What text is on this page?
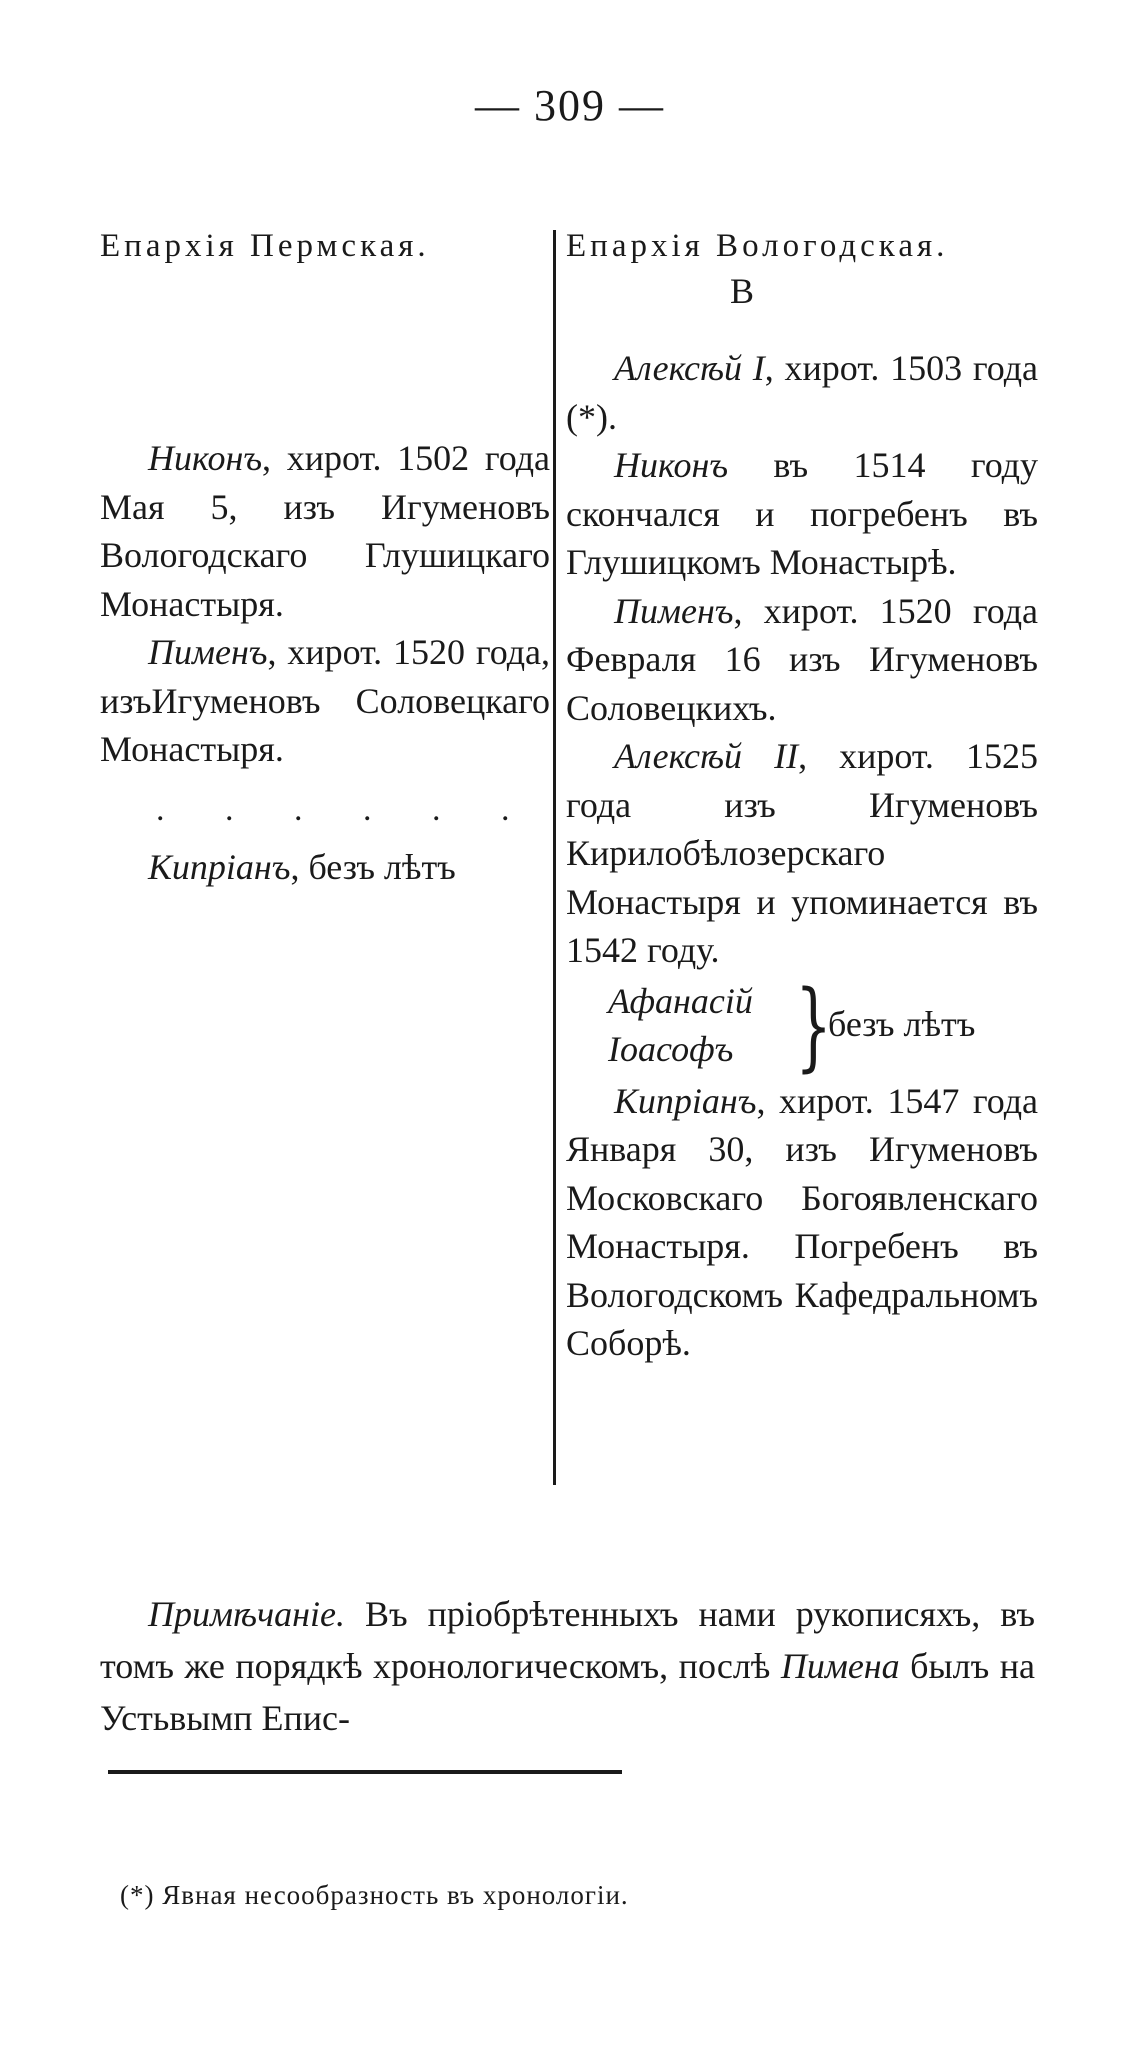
— 309 —
Епархія Пермская.

Никонъ, хирот. 1502 года Мая 5, изъ Игуменовъ Вологодскаго Глушицкаго Монастыря.

Пименъ, хирот. 1520 года, изъИгуменовъ Соловецкаго Монастыря.

. . . . . .

Кипріанъ, безъ лѣтъ

Епархія Вологодская.
В

Алексѣй I, хирот. 1503 года (*).

Никонъ въ 1514 году скончался и погребенъ въ Глушицкомъ Монастырѣ.

Пименъ, хирот. 1520 года Февраля 16 изъ Игуменовъ Соловецкихъ.

Алексѣй II, хирот. 1525 года изъ Игуменовъ Кирилобѣлозерскаго Монастыря и упоминается въ 1542 году.

Афанасій
Іоасофъ }
безъ лѣтъ

Кипріанъ, хирот. 1547 года Января 30, изъ Игуменовъ Московскаго Богоявленскаго Монастыря. Погребенъ въ Вологодскомъ Кафедральномъ Соборѣ.

Примѣчаніе. Въ пріобрѣтенныхъ нами рукописяхъ, въ томъ же порядкѣ хронологическомъ, послѣ Пимена былъ на Устьвымп Епис-

(*) Явная несообразность въ хронологіи.
